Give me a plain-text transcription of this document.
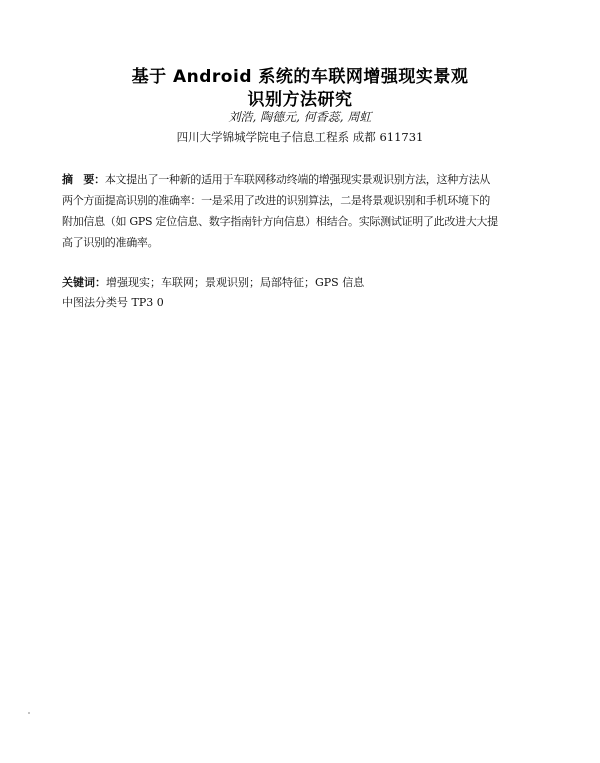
基于 Android 系统的车联网增强现实景观
识别方法研究
刘浩, 陶德元, 何香蕊, 周虹
四川大学锦城学院电子信息工程系 成都 611731
摘　要：本文提出了一种新的适用于车联网移动终端的增强现实景观识别方法，这种方法从
两个方面提高识别的准确率：一是采用了改进的识别算法，二是将景观识别和手机环境下的
附加信息（如 GPS 定位信息、数字指南针方向信息）相结合。实际测试证明了此改进大大提
高了识别的准确率。
关键词：增强现实；车联网；景观识别；局部特征；GPS 信息
中图法分类号 TP3 0
